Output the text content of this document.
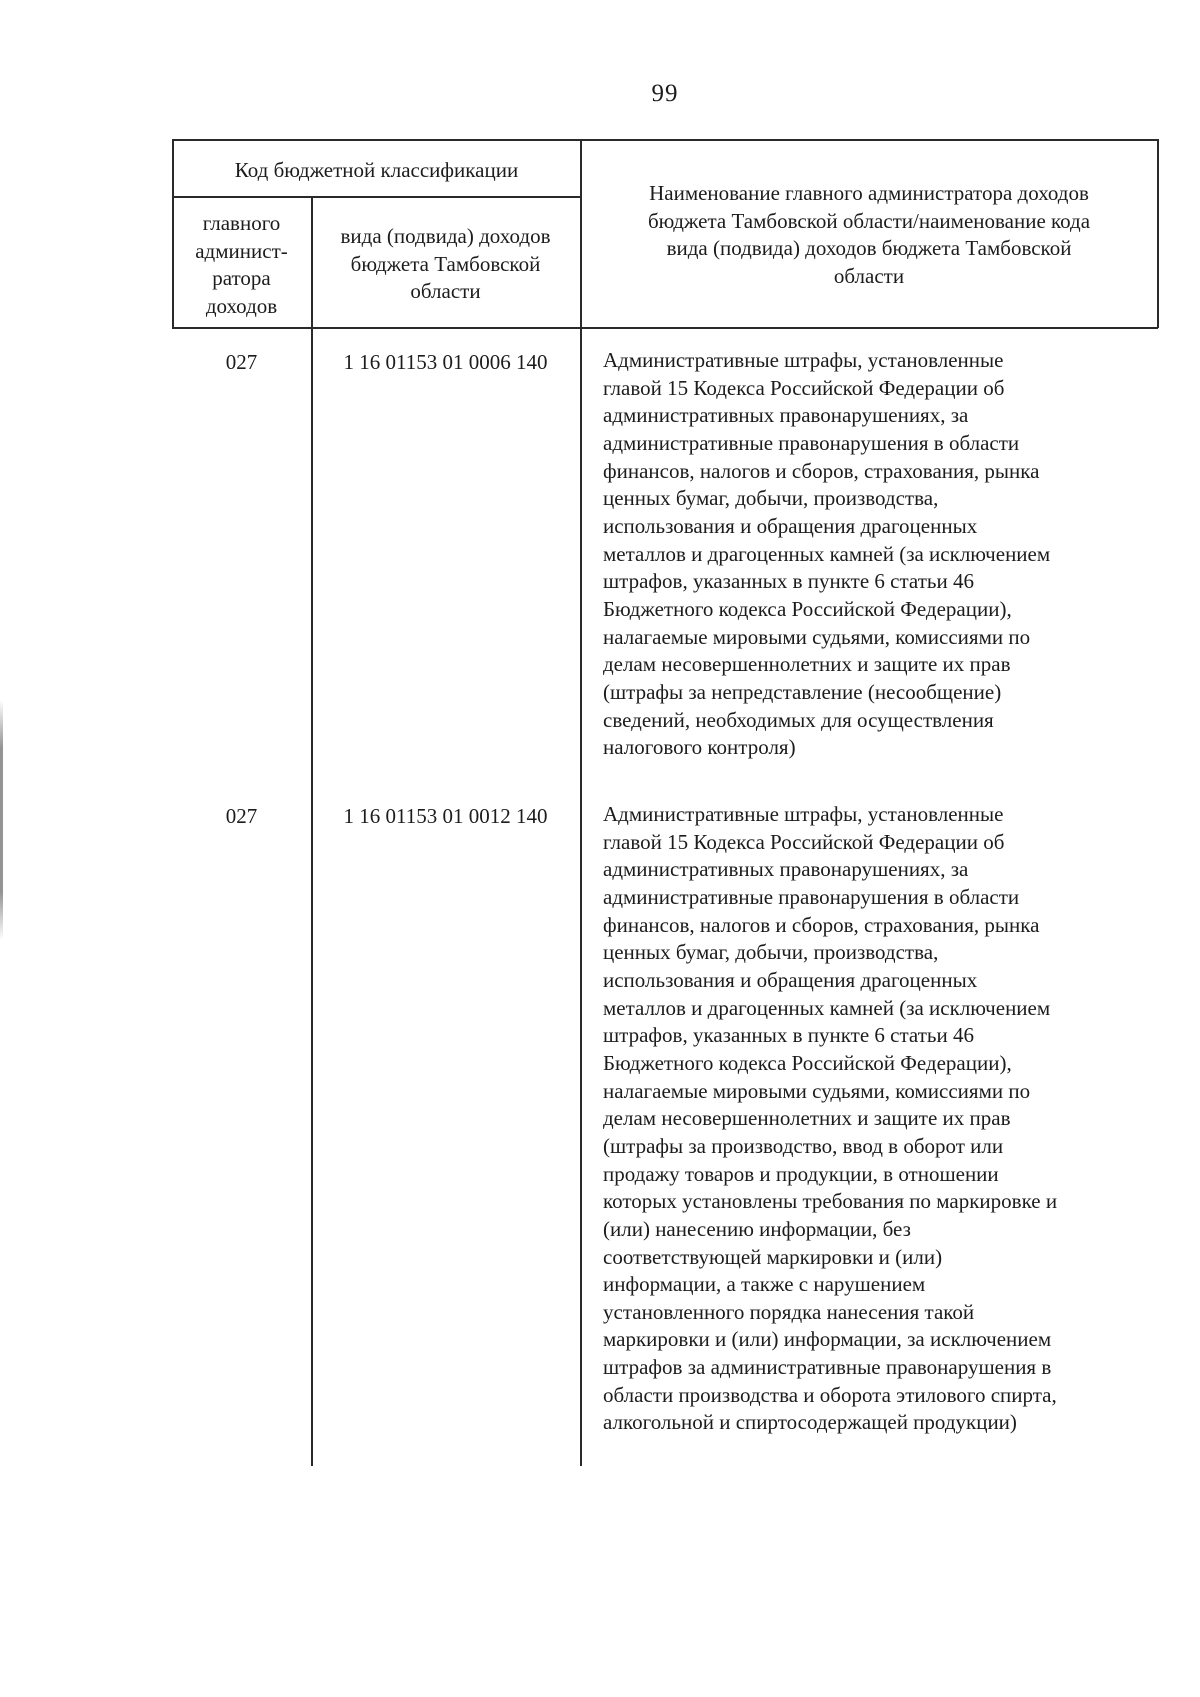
99
Код бюджетной классификации
главного
админист-
ратора
доходов
вида (подвида) доходов
бюджета Тамбовской
области
Наименование главного администратора доходов
бюджета Тамбовской области/наименование кода
вида (подвида) доходов бюджета Тамбовской
области
027	1 16 01153 01 0006 140	Административные штрафы, установленные
главой 15 Кодекса Российской Федерации об
административных правонарушениях, за
административные правонарушения в области
финансов, налогов и сборов, страхования, рынка
ценных бумаг, добычи, производства,
использования и обращения драгоценных
металлов и драгоценных камней (за исключением
штрафов, указанных в пункте 6 статьи 46
Бюджетного кодекса Российской Федерации),
налагаемые мировыми судьями, комиссиями по
делам несовершеннолетних и защите их прав
(штрафы за непредставление (несообщение)
сведений, необходимых для осуществления
налогового контроля)
027	1 16 01153 01 0012 140	Административные штрафы, установленные
главой 15 Кодекса Российской Федерации об
административных правонарушениях, за
административные правонарушения в области
финансов, налогов и сборов, страхования, рынка
ценных бумаг, добычи, производства,
использования и обращения драгоценных
металлов и драгоценных камней (за исключением
штрафов, указанных в пункте 6 статьи 46
Бюджетного кодекса Российской Федерации),
налагаемые мировыми судьями, комиссиями по
делам несовершеннолетних и защите их прав
(штрафы за производство, ввод в оборот или
продажу товаров и продукции, в отношении
которых установлены требования по маркировке и
(или) нанесению информации, без
соответствующей маркировки и (или)
информации, а также с нарушением
установленного порядка нанесения такой
маркировки и (или) информации, за исключением
штрафов за административные правонарушения в
области производства и оборота этилового спирта,
алкогольной и спиртосодержащей продукции)
